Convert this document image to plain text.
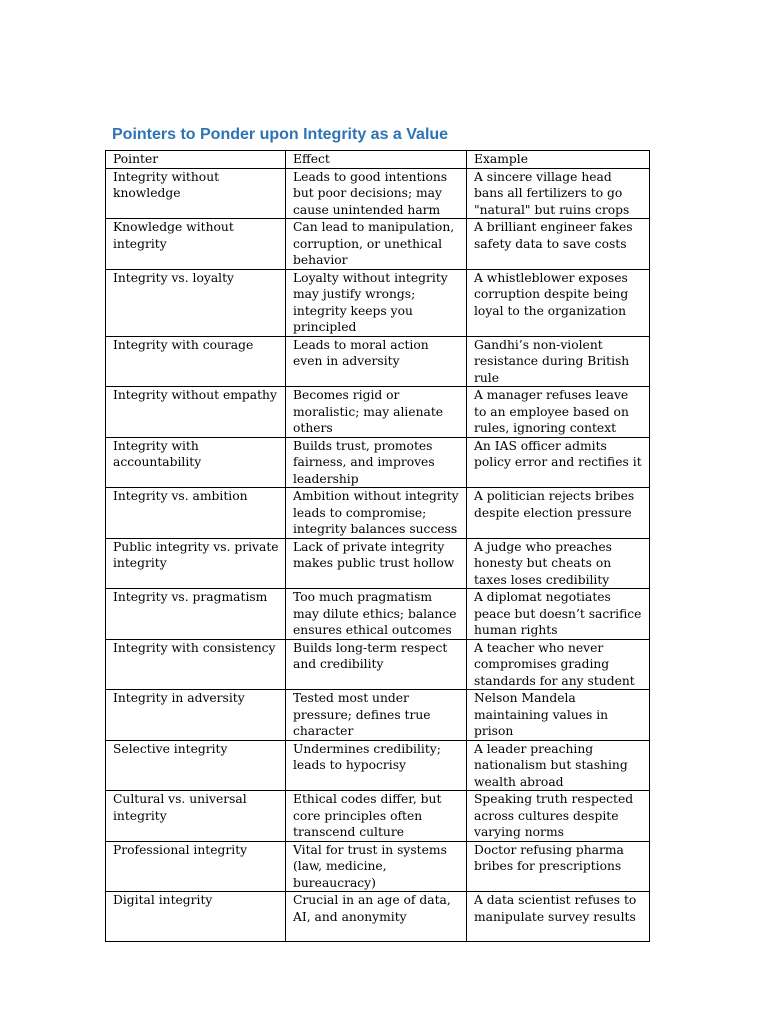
Pointers to Ponder upon Integrity as a Value
Pointer	Effect	Example
Integrity without knowledge	Leads to good intentions but poor decisions; may cause unintended harm	A sincere village head bans all fertilizers to go "natural" but ruins crops
Knowledge without integrity	Can lead to manipulation, corruption, or unethical behavior	A brilliant engineer fakes safety data to save costs
Integrity vs. loyalty	Loyalty without integrity may justify wrongs; integrity keeps you principled	A whistleblower exposes corruption despite being loyal to the organization
Integrity with courage	Leads to moral action even in adversity	Gandhi’s non-violent resistance during British rule
Integrity without empathy	Becomes rigid or moralistic; may alienate others	A manager refuses leave to an employee based on rules, ignoring context
Integrity with accountability	Builds trust, promotes fairness, and improves leadership	An IAS officer admits policy error and rectifies it
Integrity vs. ambition	Ambition without integrity leads to compromise; integrity balances success	A politician rejects bribes despite election pressure
Public integrity vs. private integrity	Lack of private integrity makes public trust hollow	A judge who preaches honesty but cheats on taxes loses credibility
Integrity vs. pragmatism	Too much pragmatism may dilute ethics; balance ensures ethical outcomes	A diplomat negotiates peace but doesn’t sacrifice human rights
Integrity with consistency	Builds long-term respect and credibility	A teacher who never compromises grading standards for any student
Integrity in adversity	Tested most under pressure; defines true character	Nelson Mandela maintaining values in prison
Selective integrity	Undermines credibility; leads to hypocrisy	A leader preaching nationalism but stashing wealth abroad
Cultural vs. universal integrity	Ethical codes differ, but core principles often transcend culture	Speaking truth respected across cultures despite varying norms
Professional integrity	Vital for trust in systems (law, medicine, bureaucracy)	Doctor refusing pharma bribes for prescriptions
Digital integrity	Crucial in an age of data, AI, and anonymity	A data scientist refuses to manipulate survey results
